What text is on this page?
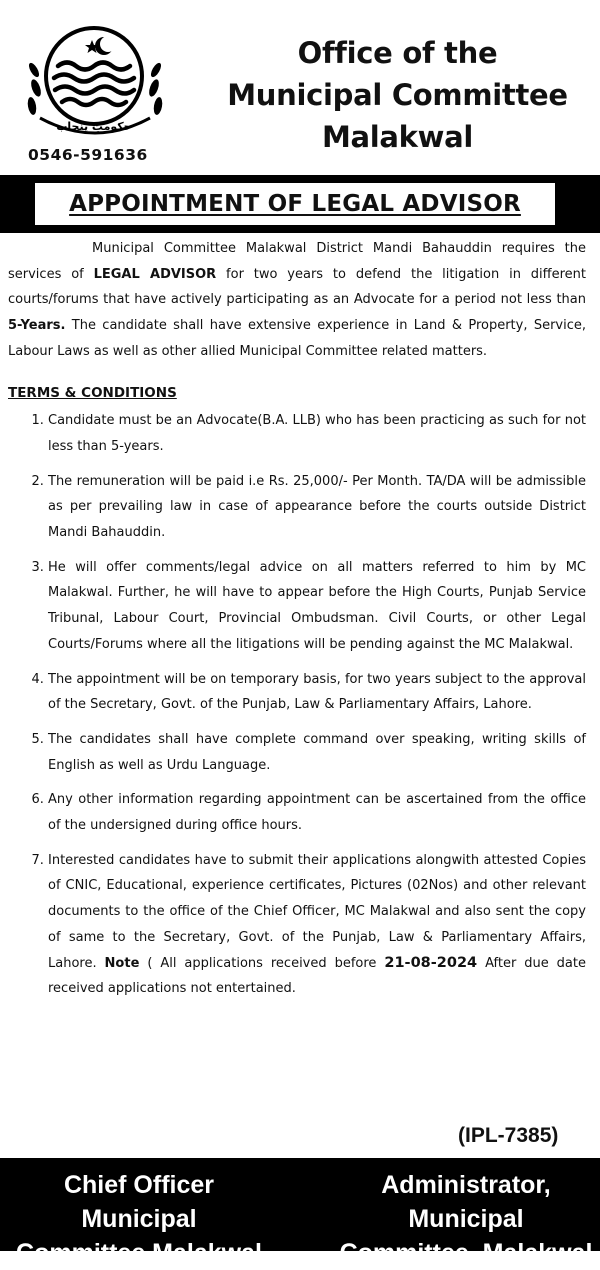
حکومتِ پنجاب
0546-591636
Office of the
Municipal Committee
Malakwal
APPOINTMENT OF LEGAL ADVISOR

Municipal Committee Malakwal District Mandi Bahauddin requires the services of LEGAL ADVISOR for two years to defend the litigation in different courts/forums that have actively participating as an Advocate for a period not less than 5-Years. The candidate shall have extensive experience in Land & Property, Service, Labour Laws as well as other allied Municipal Committee related matters.

TERMS & CONDITIONS
1. Candidate must be an Advocate(B.A. LLB) who has been practicing as such for not less than 5-years.
2. The remuneration will be paid i.e Rs. 25,000/- Per Month. TA/DA will be admissible as per prevailing law in case of appearance before the courts outside District Mandi Bahauddin.
3. He will offer comments/legal advice on all matters referred to him by MC Malakwal. Further, he will have to appear before the High Courts, Punjab Service Tribunal, Labour Court, Provincial Ombudsman. Civil Courts, or other Legal Courts/Forums where all the litigations will be pending against the MC Malakwal.
4. The appointment will be on temporary basis, for two years subject to the approval of the Secretary, Govt. of the Punjab, Law & Parliamentary Affairs, Lahore.
5. The candidates shall have complete command over speaking, writing skills of English as well as Urdu Language.
6. Any other information regarding appointment can be ascertained from the office of the undersigned during office hours.
7. Interested candidates have to submit their applications alongwith attested Copies of CNIC, Educational, experience certificates, Pictures (02Nos) and other relevant documents to the office of the Chief Officer, MC Malakwal and also sent the copy of same to the Secretary, Govt. of the Punjab, Law & Parliamentary Affairs, Lahore. Note ( All applications received before 21-08-2024 After due date received applications not entertained.
(IPL-7385)
Chief Officer Municipal
Committee Malakwal
Administrator, Municipal
Committee, Malakwal
